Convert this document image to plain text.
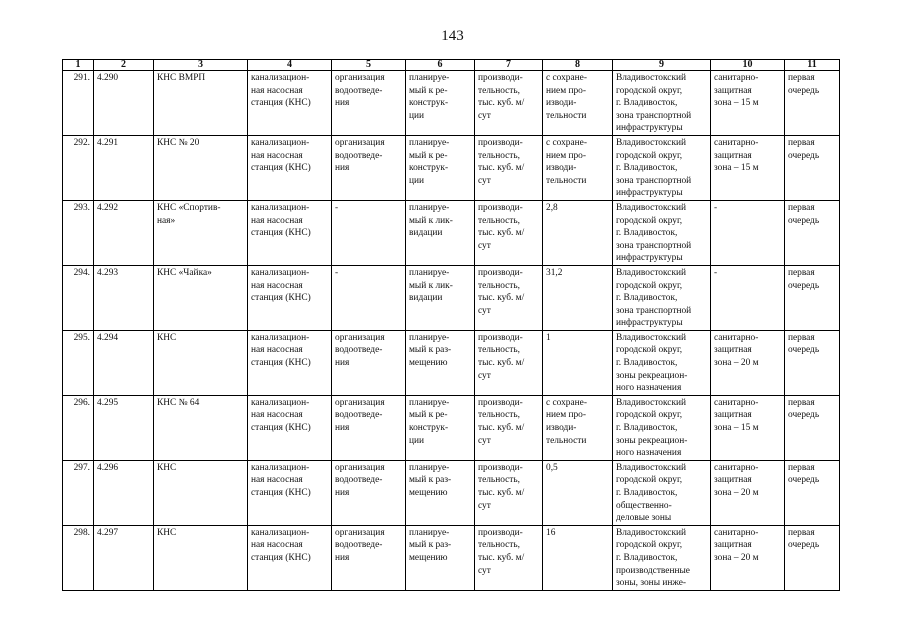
143
1	2	3	4	5	6	7	8	9	10	11
291.	4.290	КНС ВМРП	канализацион-
ная насосная
станция (КНС)	организация
водоотведе-
ния	планируе-
мый к ре-
конструк-
ции	производи-
тельность,
тыс. куб. м/
сут	с сохране-
нием про-
изводи-
тельности	Владивостокский
городской округ,
г. Владивосток,
зона транспортной
инфраструктуры	санитарно-
защитная
зона – 15 м	первая
очередь
292.	4.291	КНС № 20	канализацион-
ная насосная
станция (КНС)	организация
водоотведе-
ния	планируе-
мый к ре-
конструк-
ции	производи-
тельность,
тыс. куб. м/
сут	с сохране-
нием про-
изводи-
тельности	Владивостокский
городской округ,
г. Владивосток,
зона транспортной
инфраструктуры	санитарно-
защитная
зона – 15 м	первая
очередь
293.	4.292	КНС «Спортив-
ная»	канализацион-
ная насосная
станция (КНС)	-	планируе-
мый к лик-
видации	производи-
тельность,
тыс. куб. м/
сут	2,8	Владивостокский
городской округ,
г. Владивосток,
зона транспортной
инфраструктуры	-	первая
очередь
294.	4.293	КНС «Чайка»	канализацион-
ная насосная
станция (КНС)	-	планируе-
мый к лик-
видации	производи-
тельность,
тыс. куб. м/
сут	31,2	Владивостокский
городской округ,
г. Владивосток,
зона транспортной
инфраструктуры	-	первая
очередь
295.	4.294	КНС	канализацион-
ная насосная
станция (КНС)	организация
водоотведе-
ния	планируе-
мый к раз-
мещению	производи-
тельность,
тыс. куб. м/
сут	1	Владивостокский
городской округ,
г. Владивосток,
зоны рекреацион-
ного назначения	санитарно-
защитная
зона – 20 м	первая
очередь
296.	4.295	КНС № 64	канализацион-
ная насосная
станция (КНС)	организация
водоотведе-
ния	планируе-
мый к ре-
конструк-
ции	производи-
тельность,
тыс. куб. м/
сут	с сохране-
нием про-
изводи-
тельности	Владивостокский
городской округ,
г. Владивосток,
зоны рекреацион-
ного назначения	санитарно-
защитная
зона – 15 м	первая
очередь
297.	4.296	КНС	канализацион-
ная насосная
станция (КНС)	организация
водоотведе-
ния	планируе-
мый к раз-
мещению	производи-
тельность,
тыс. куб. м/
сут	0,5	Владивостокский
городской округ,
г. Владивосток,
общественно-
деловые зоны	санитарно-
защитная
зона – 20 м	первая
очередь
298.	4.297	КНС	канализацион-
ная насосная
станция (КНС)	организация
водоотведе-
ния	планируе-
мый к раз-
мещению	производи-
тельность,
тыс. куб. м/
сут	16	Владивостокский
городской округ,
г. Владивосток,
производственные
зоны, зоны инже-	санитарно-
защитная
зона – 20 м	первая
очередь
